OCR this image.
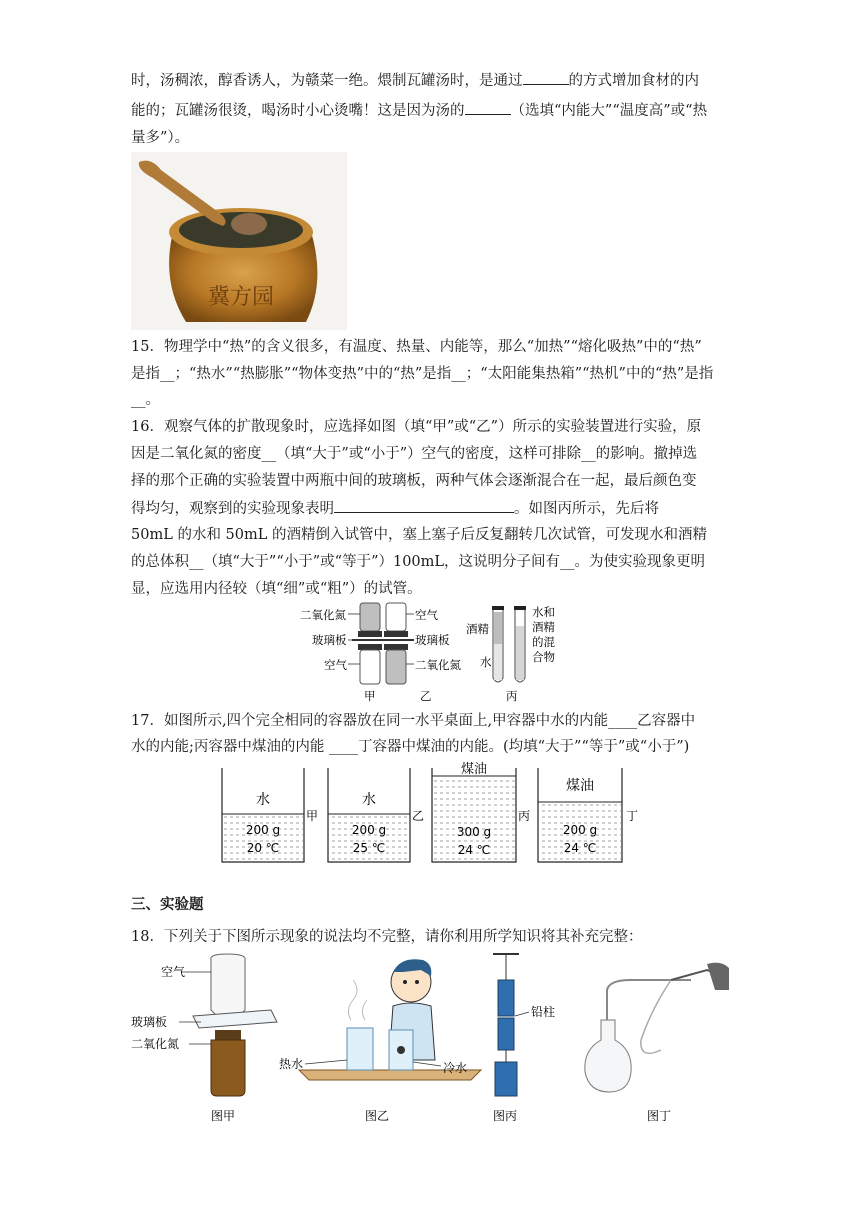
时，汤稠浓，醇香诱人，为赣菜一绝。煨制瓦罐汤时，是通过	的方式增加食材的内
能的；瓦罐汤很烫，喝汤时小心烫嘴！这是因为汤的	（选填“内能大”“温度高”或“热
量多”）。
冀方园
15．物理学中“热”的含义很多，有温度、热量、内能等，那么“加热”“熔化吸热”中的“热”
是指__；“热水”“热膨胀”“物体变热”中的“热”是指__；“太阳能集热箱”“热机”中的“热”是指
__。
16．观察气体的扩散现象时，应选择如图（填“甲”或“乙”）所示的实验装置进行实验，原
因是二氧化氮的密度__（填“大于”或“小于”）空气的密度，这样可排除__的影响。撤掉选
择的那个正确的实验装置中两瓶中间的玻璃板，两种气体会逐渐混合在一起，最后颜色变
得均匀，观察到的实验现象表明	。如图丙所示，先后将
50mL 的水和 50mL 的酒精倒入试管中，塞上塞子后反复翻转几次试管，可发现水和酒精
的总体积__（填“大于”“小于”或“等于”）100mL，这说明分子间有__。为使实验现象更明
显，应选用内径较（填“细”或“粗”）的试管。
二氧化氮	空气
玻璃板	玻璃板
空气	二氧化氮
甲	乙
酒精
水
水和
酒精
的混
合物
丙
17．如图所示,四个完全相同的容器放在同一水平桌面上,甲容器中水的内能____乙容器中
水的内能;丙容器中煤油的内能 ____丁容器中煤油的内能。(均填“大于”“等于”或“小于”)
水
200 g
20 ℃
甲
水
200 g
25 ℃
乙
煤油
300 g
24 ℃
丙
煤油
200 g
24 ℃
丁
三、实验题
18．下列关于下图所示现象的说法均不完整，请你利用所学知识将其补充完整：
空气
玻璃板
二氧化氮
图甲
热水	冷水
图乙
铅柱
图丙	图丁
